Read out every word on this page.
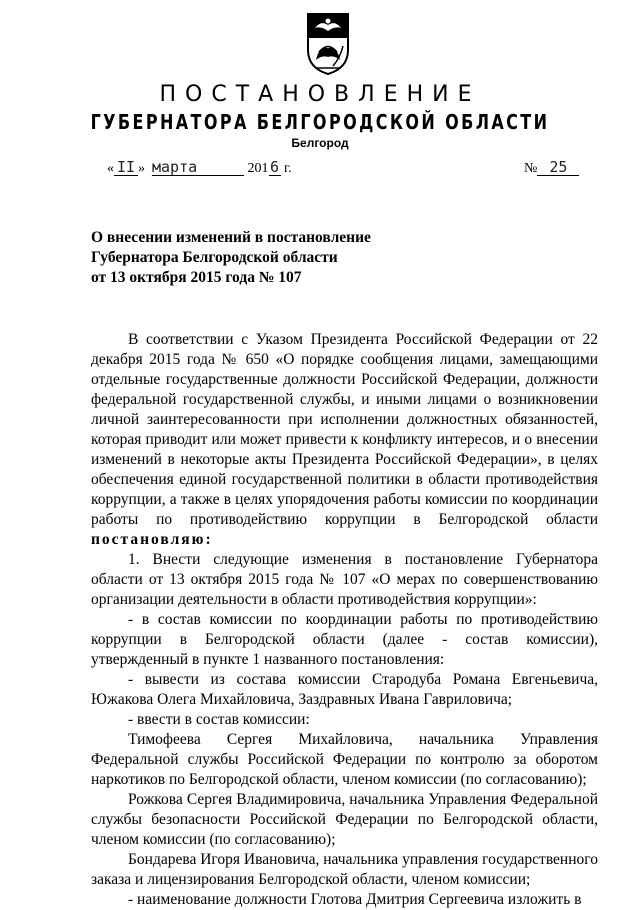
ПОСТАНОВЛЕНИЕ
ГУБЕРНАТОРА БЕЛГОРОДСКОЙ ОБЛАСТИ
Белгород
« II » марта	2016 г.	№ 25
О внесении изменений в постановление
Губернатора Белгородской области
от 13 октября 2015 года № 107

В соответствии с Указом Президента Российской Федерации от 22 декабря 2015 года № 650 «О порядке сообщения лицами, замещающими отдельные государственные должности Российской Федерации, должности федеральной государственной службы, и иными лицами о возникновении личной заинтересованности при исполнении должностных обязанностей, которая приводит или может привести к конфликту интересов, и о внесении изменений в некоторые акты Президента Российской Федерации», в целях обеспечения единой государственной политики в области противодействия коррупции, а также в целях упорядочения работы комиссии по координации работы по противодействию коррупции в Белгородской области постановляю:

1. Внести следующие изменения в постановление Губернатора области от 13 октября 2015 года № 107 «О мерах по совершенствованию организации деятельности в области противодействия коррупции»:

- в состав комиссии по координации работы по противодействию коррупции в Белгородской области (далее - состав комиссии), утвержденный в пункте 1 названного постановления:

- вывести из состава комиссии Стародуба Романа Евгеньевича, Южакова Олега Михайловича, Заздравных Ивана Гавриловича;

- ввести в состав комиссии:

Тимофеева Сергея Михайловича, начальника Управления Федеральной службы Российской Федерации по контролю за оборотом наркотиков по Белгородской области, членом комиссии (по согласованию);

Рожкова Сергея Владимировича, начальника Управления Федеральной службы безопасности Российской Федерации по Белгородской области, членом комиссии (по согласованию);

Бондарева Игоря Ивановича, начальника управления государственного заказа и лицензирования Белгородской области, членом комиссии;

- наименование должности Глотова Дмитрия Сергеевича изложить в
